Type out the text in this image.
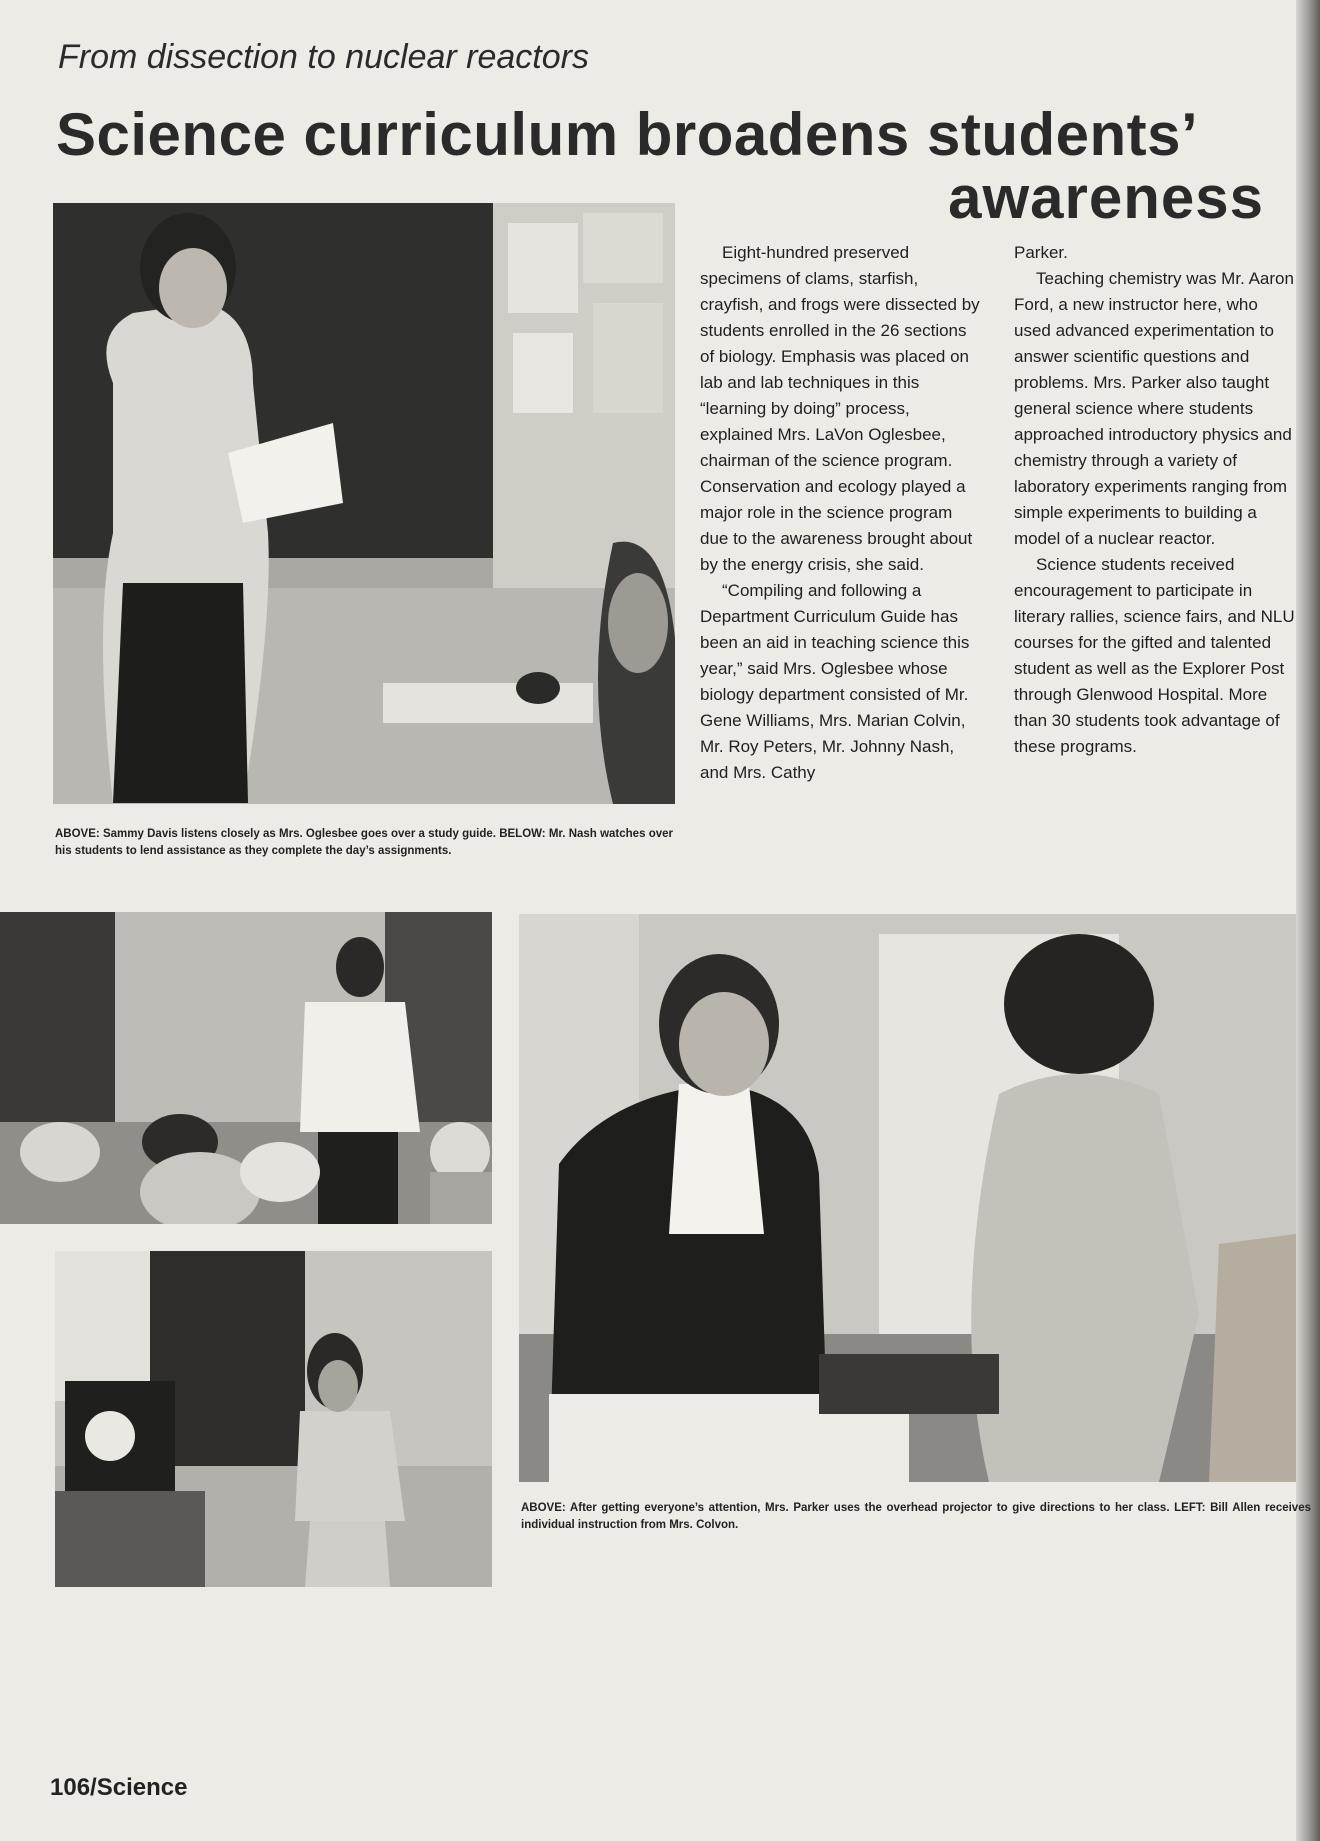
From dissection to nuclear reactors
Science curriculum broadens students’
awareness

ABOVE: Sammy Davis listens closely as Mrs. Oglesbee goes over a study guide. BELOW: Mr. Nash watches over his students to lend assistance as they complete the day’s assignments.

Eight-hundred preserved specimens of clams, starfish, crayfish, and frogs were dissected by students enrolled in the 26 sections of biology. Emphasis was placed on lab and lab techniques in this “learning by doing” process, explained Mrs. LaVon Oglesbee, chairman of the science program. Conservation and ecology played a major role in the science program due to the awareness brought about by the energy crisis, she said.

“Compiling and following a Department Curriculum Guide has been an aid in teaching science this year,” said Mrs. Oglesbee whose biology department consisted of Mr. Gene Williams, Mrs. Marian Colvin, Mr. Roy Peters, Mr. Johnny Nash, and Mrs. Cathy

Parker.

Teaching chemistry was Mr. Aaron Ford, a new instructor here, who used advanced experimentation to answer scientific questions and problems. Mrs. Parker also taught general science where students approached introductory physics and chemistry through a variety of laboratory experiments ranging from simple experiments to building a model of a nuclear reactor.

Science students received encouragement to participate in literary rallies, science fairs, and NLU courses for the gifted and talented student as well as the Explorer Post through Glenwood Hospital. More than 30 students took advantage of these programs.

ABOVE: After getting everyone’s attention, Mrs. Parker uses the overhead projector to give directions to her class. LEFT: Bill Allen receives individual instruction from Mrs. Colvon.

106/Science
